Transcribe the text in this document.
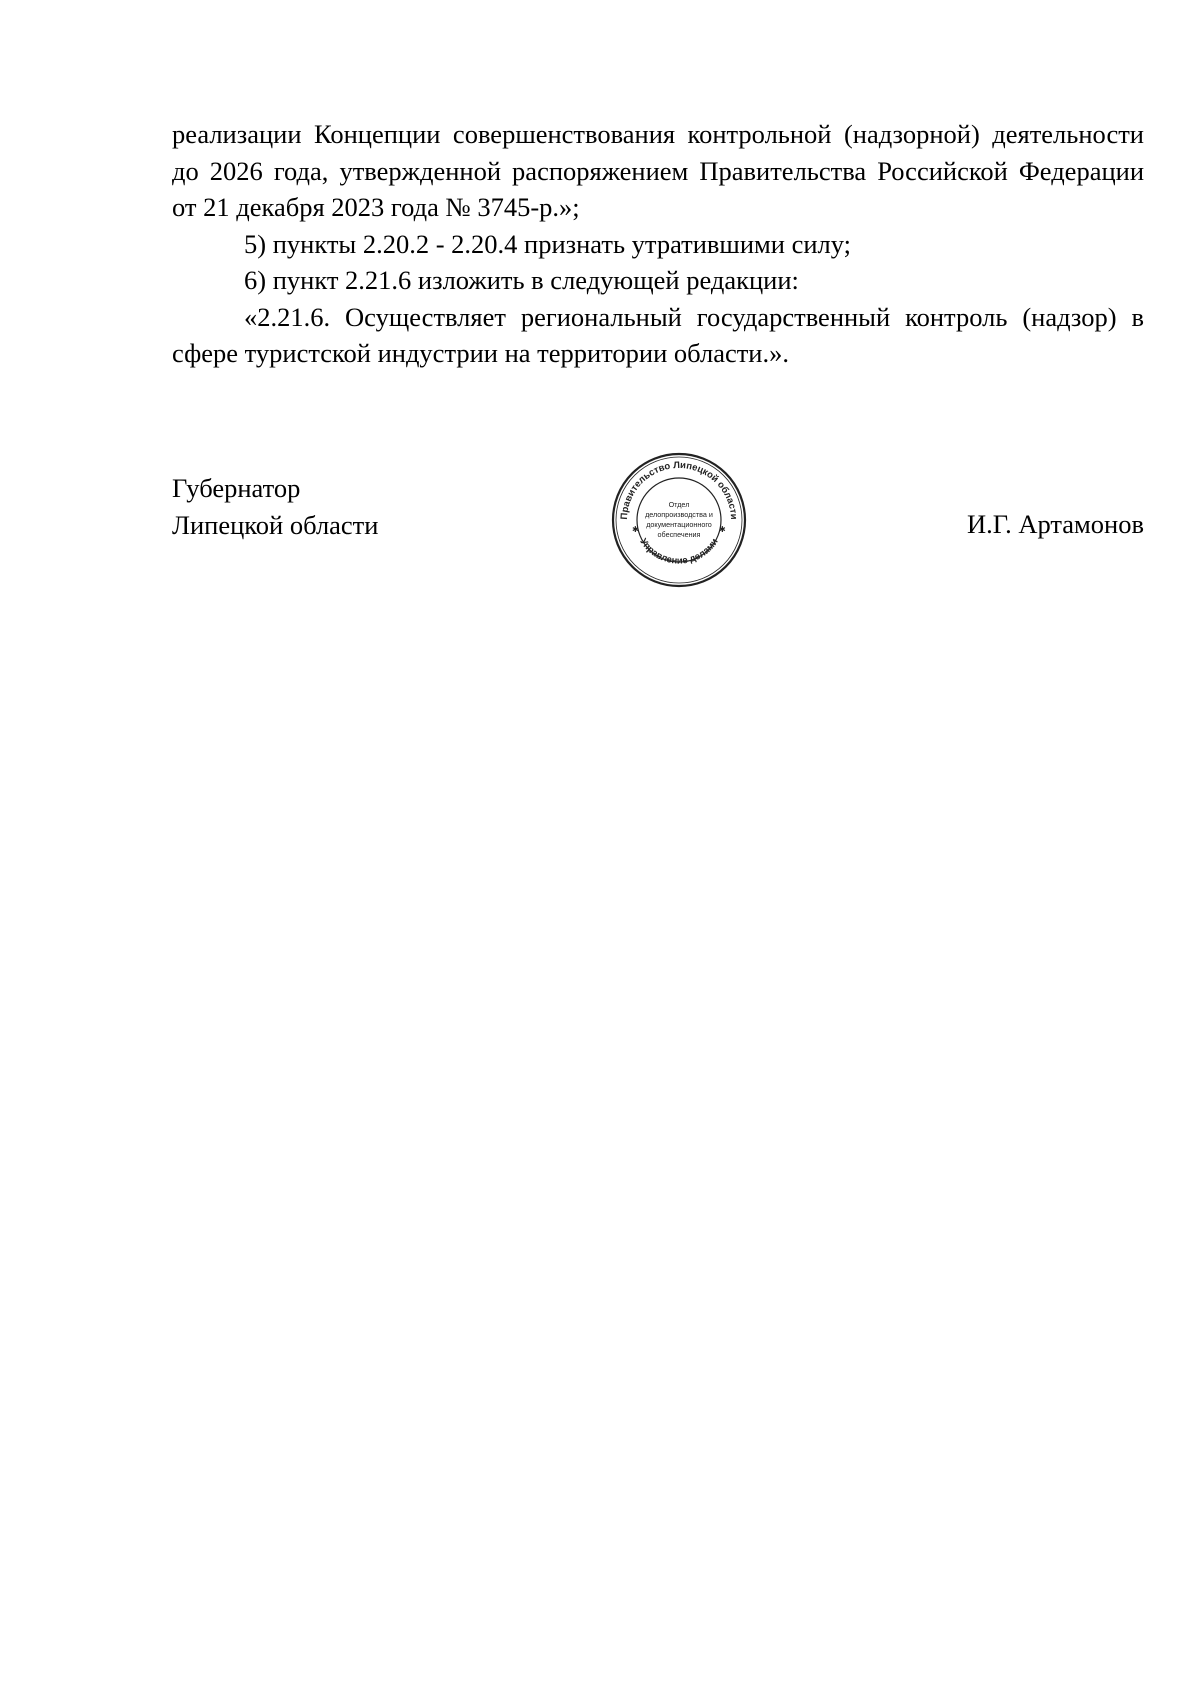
реализации Концепции совершенствования контрольной (надзорной) деятельности до 2026 года, утвержденной распоряжением Правительства Российской Федерации от 21 декабря 2023 года № 3745-р.»;

5) пункты 2.20.2 - 2.20.4 признать утратившими силу;

6) пункт 2.21.6 изложить в следующей редакции:

«2.21.6. Осуществляет региональный государственный контроль (надзор) в сфере туристской индустрии на территории области.».

Губернатор
Липецкой области	И.Г. Артамонов
Правительство Липецкой области
Управление делами
✱	✱
Отдел
делопроизводства и
документационного
обеспечения
